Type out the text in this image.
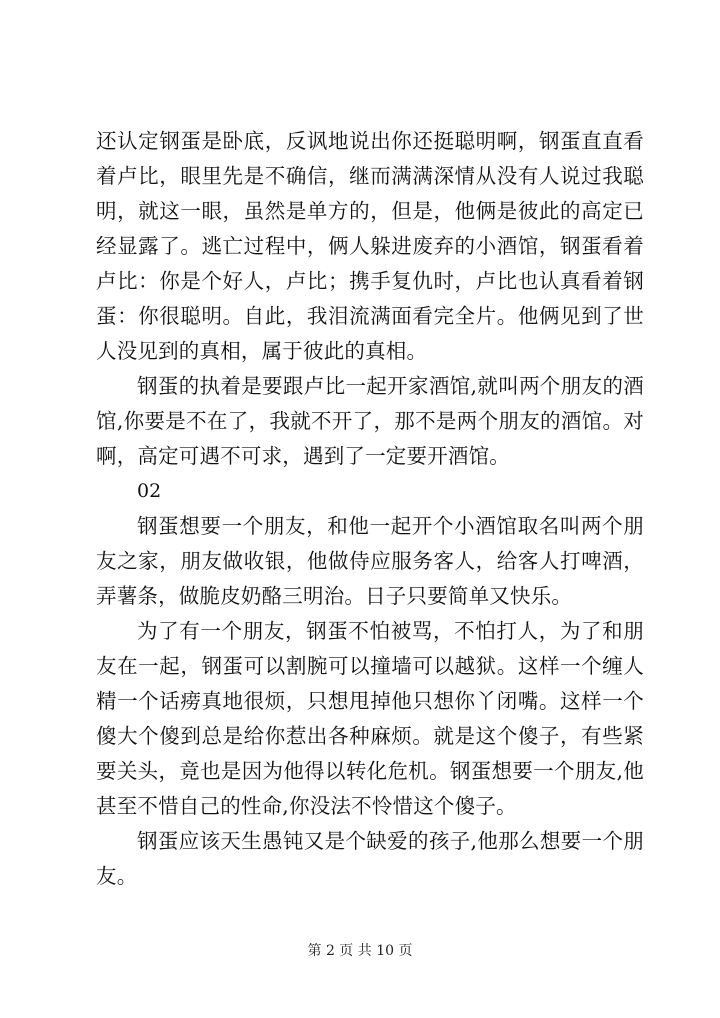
还认定钢蛋是卧底，反讽地说出你还挺聪明啊，钢蛋直直看着卢比，眼里先是不确信，继而满满深情从没有人说过我聪明，就这一眼，虽然是单方的，但是，他俩是彼此的高定已经显露了。逃亡过程中，俩人躲进废弃的小酒馆，钢蛋看着卢比：你是个好人，卢比；携手复仇时，卢比也认真看着钢蛋：你很聪明。自此，我泪流满面看完全片。他俩见到了世人没见到的真相，属于彼此的真相。

钢蛋的执着是要跟卢比一起开家酒馆,就叫两个朋友的酒馆,你要是不在了，我就不开了，那不是两个朋友的酒馆。对啊，高定可遇不可求，遇到了一定要开酒馆。

02

钢蛋想要一个朋友，和他一起开个小酒馆取名叫两个朋友之家，朋友做收银，他做侍应服务客人，给客人打啤酒，弄薯条，做脆皮奶酪三明治。日子只要简单又快乐。

为了有一个朋友，钢蛋不怕被骂，不怕打人，为了和朋友在一起，钢蛋可以割腕可以撞墙可以越狱。这样一个缠人精一个话痨真地很烦，只想甩掉他只想你丫闭嘴。这样一个傻大个傻到总是给你惹出各种麻烦。就是这个傻子，有些紧要关头，竟也是因为他得以转化危机。钢蛋想要一个朋友,他甚至不惜自己的性命,你没法不怜惜这个傻子。

钢蛋应该天生愚钝又是个缺爱的孩子,他那么想要一个朋友。

第 2 页 共 10 页
